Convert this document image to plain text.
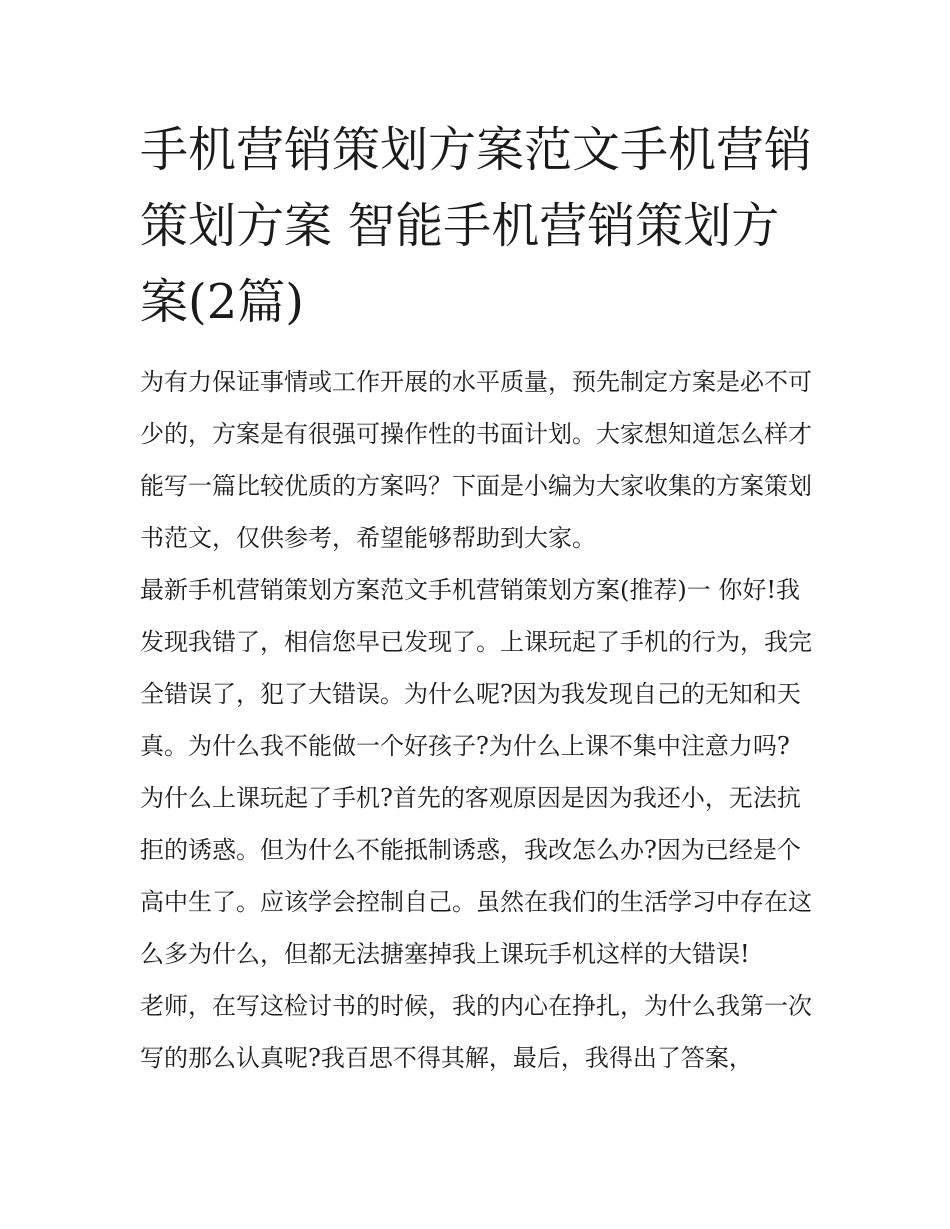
手机营销策划方案范文手机营销策划方案 智能手机营销策划方案(2篇)

为有力保证事情或工作开展的水平质量，预先制定方案是必不可少的，方案是有很强可操作性的书面计划。大家想知道怎么样才能写一篇比较优质的方案吗？下面是小编为大家收集的方案策划书范文，仅供参考，希望能够帮助到大家。

最新手机营销策划方案范文手机营销策划方案(推荐)一 你好!我发现我错了，相信您早已发现了。上课玩起了手机的行为，我完全错误了，犯了大错误。为什么呢?因为我发现自己的无知和天真。为什么我不能做一个好孩子?为什么上课不集中注意力吗?为什么上课玩起了手机?首先的客观原因是因为我还小，无法抗拒的诱惑。但为什么不能抵制诱惑，我改怎么办?因为已经是个高中生了。应该学会控制自己。虽然在我们的生活学习中存在这么多为什么，但都无法搪塞掉我上课玩手机这样的大错误!

老师，在写这检讨书的时候，我的内心在挣扎，为什么我第一次写的那么认真呢?我百思不得其解，最后，我得出了答案，
